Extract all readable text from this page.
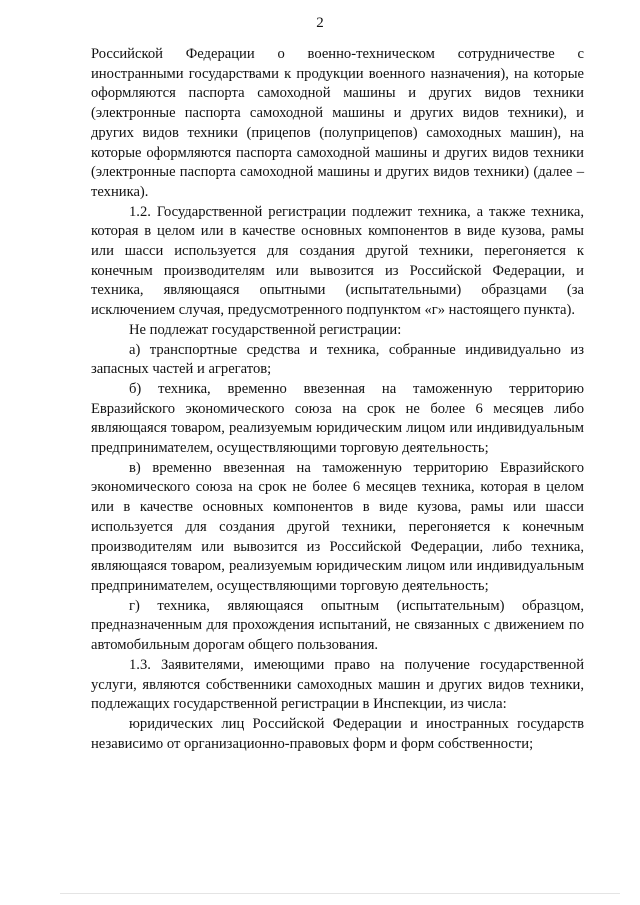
2

Российской Федерации о военно-техническом сотрудничестве с иностранными государствами к продукции военного назначения), на которые оформляются паспорта самоходной машины и других видов техники (электронные паспорта самоходной машины и других видов техники), и других видов техники (прицепов (полуприцепов) самоходных машин), на которые оформляются паспорта самоходной машины и других видов техники (электронные паспорта самоходной машины и других видов техники) (далее – техника).

1.2. Государственной регистрации подлежит техника, а также техника, которая в целом или в качестве основных компонентов в виде кузова, рамы или шасси используется для создания другой техники, перегоняется к конечным производителям или вывозится из Российской Федерации, и техника, являющаяся опытными (испытательными) образцами (за исключением случая, предусмотренного подпунктом «г» настоящего пункта).

Не подлежат государственной регистрации:

а) транспортные средства и техника, собранные индивидуально из запасных частей и агрегатов;

б) техника, временно ввезенная на таможенную территорию Евразийского экономического союза на срок не более 6 месяцев либо являющаяся товаром, реализуемым юридическим лицом или индивидуальным предпринимателем, осуществляющими торговую деятельность;

в) временно ввезенная на таможенную территорию Евразийского экономического союза на срок не более 6 месяцев техника, которая в целом или в качестве основных компонентов в виде кузова, рамы или шасси используется для создания другой техники, перегоняется к конечным производителям или вывозится из Российской Федерации, либо техника, являющаяся товаром, реализуемым юридическим лицом или индивидуальным предпринимателем, осуществляющими торговую деятельность;

г) техника, являющаяся опытным (испытательным) образцом, предназначенным для прохождения испытаний, не связанных с движением по автомобильным дорогам общего пользования.

1.3. Заявителями, имеющими право на получение государственной услуги, являются собственники самоходных машин и других видов техники, подлежащих государственной регистрации в Инспекции, из числа:

юридических лиц Российской Федерации и иностранных государств независимо от организационно-правовых форм и форм собственности;
